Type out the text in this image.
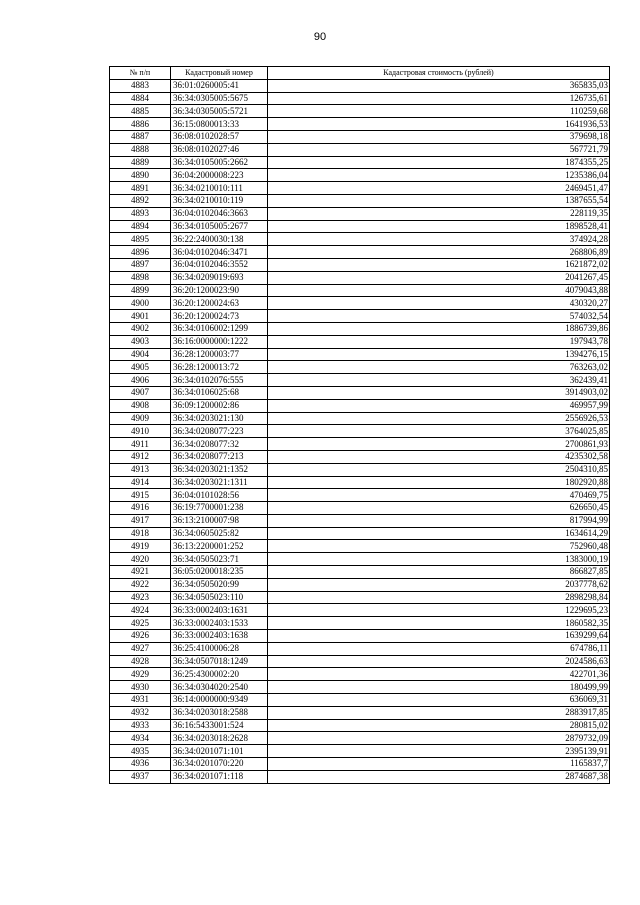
90
№ п/п	Кадастровый номер	Кадастровая стоимость (рублей)
4883	36:01:0260005:41	365835,03
4884	36:34:0305005:5675	126735,61
4885	36:34:0305005:5721	110259,68
4886	36:15:0800013:33	1641936,53
4887	36:08:0102028:57	379698,18
4888	36:08:0102027:46	567721,79
4889	36:34:0105005:2662	1874355,25
4890	36:04:2000008:223	1235386,04
4891	36:34:0210010:111	2469451,47
4892	36:34:0210010:119	1387655,54
4893	36:04:0102046:3663	228119,35
4894	36:34:0105005:2677	1898528,41
4895	36:22:2400030:138	374924,28
4896	36:04:0102046:3471	268806,89
4897	36:04:0102046:3552	1621872,02
4898	36:34:0209019:693	2041267,45
4899	36:20:1200023:90	4079043,88
4900	36:20:1200024:63	430320,27
4901	36:20:1200024:73	574032,54
4902	36:34:0106002:1299	1886739,86
4903	36:16:0000000:1222	197943,78
4904	36:28:1200003:77	1394276,15
4905	36:28:1200013:72	763263,02
4906	36:34:0102076:555	362439,41
4907	36:34:0106025:68	3914903,02
4908	36:09:1200002:86	469957,99
4909	36:34:0203021:130	2556926,53
4910	36:34:0208077:223	3764025,85
4911	36:34:0208077:32	2700861,93
4912	36:34:0208077:213	4235302,58
4913	36:34:0203021:1352	2504310,85
4914	36:34:0203021:1311	1802920,88
4915	36:04:0101028:56	470469,75
4916	36:19:7700001:238	626650,45
4917	36:13:2100007:98	817994,99
4918	36:34:0605025:82	1634614,29
4919	36:13:2200001:252	752960,48
4920	36:34:0505023:71	1383000,19
4921	36:05:0200018:235	866827,85
4922	36:34:0505020:99	2037778,62
4923	36:34:0505023:110	2898298,84
4924	36:33:0002403:1631	1229695,23
4925	36:33:0002403:1533	1860582,35
4926	36:33:0002403:1638	1639299,64
4927	36:25:4100006:28	674786,11
4928	36:34:0507018:1249	2024586,63
4929	36:25:4300002:20	422701,36
4930	36:34:0304020:2540	180499,99
4931	36:14:0000000:9349	636069,31
4932	36:34:0203018:2588	2883917,85
4933	36:16:5433001:524	280815,02
4934	36:34:0203018:2628	2879732,09
4935	36:34:0201071:101	2395139,91
4936	36:34:0201070:220	1165837,7
4937	36:34:0201071:118	2874687,38
